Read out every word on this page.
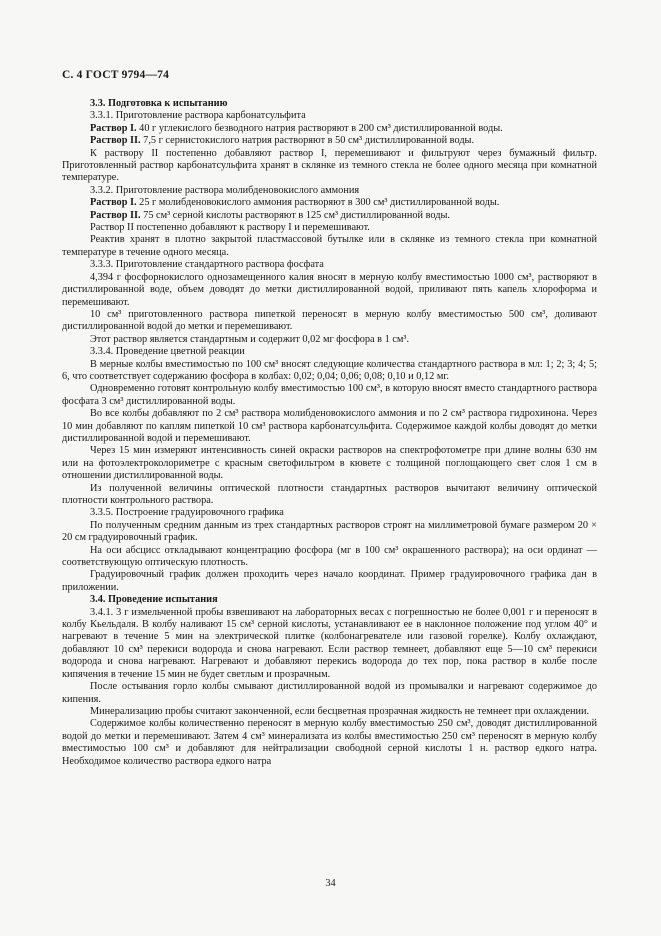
С. 4 ГОСТ 9794—74

3.3. Подготовка к испытанию

3.3.1. Приготовление раствора карбонатсульфита

Раствор I. 40 г углекислого безводного натрия растворяют в 200 см³ дистиллированной воды.

Раствор II. 7,5 г сернистокислого натрия растворяют в 50 см³ дистиллированной воды.

К раствору II постепенно добавляют раствор I, перемешивают и фильтруют через бумажный фильтр. Приготовленный раствор карбонатсульфита хранят в склянке из темного стекла не более одного месяца при комнатной температуре.

3.3.2. Приготовление раствора молибденовокислого аммония

Раствор I. 25 г молибденовокислого аммония растворяют в 300 см³ дистиллированной воды.

Раствор II. 75 см³ серной кислоты растворяют в 125 см³ дистиллированной воды.

Раствор II постепенно добавляют к раствору I и перемешивают.

Реактив хранят в плотно закрытой пластмассовой бутылке или в склянке из темного стекла при комнатной температуре в течение одного месяца.

3.3.3. Приготовление стандартного раствора фосфата

4,394 г фосфорнокислого однозамещенного калия вносят в мерную колбу вместимостью 1000 см³, растворяют в дистиллированной воде, объем доводят до метки дистиллированной водой, приливают пять капель хлороформа и перемешивают.

10 см³ приготовленного раствора пипеткой переносят в мерную колбу вместимостью 500 см³, доливают дистиллированной водой до метки и перемешивают.

Этот раствор является стандартным и содержит 0,02 мг фосфора в 1 см³.

3.3.4. Проведение цветной реакции

В мерные колбы вместимостью по 100 см³ вносят следующие количества стандартного раствора в мл: 1; 2; 3; 4; 5; 6, что соответствует содержанию фосфора в колбах: 0,02; 0,04; 0,06; 0,08; 0,10 и 0,12 мг.

Одновременно готовят контрольную колбу вместимостью 100 см³, в которую вносят вместо стандартного раствора фосфата 3 см³ дистиллированной воды.

Во все колбы добавляют по 2 см³ раствора молибденовокислого аммония и по 2 см³ раствора гидрохинона. Через 10 мин добавляют по каплям пипеткой 10 см³ раствора карбонатсульфита. Содержимое каждой колбы доводят до метки дистиллированной водой и перемешивают.

Через 15 мин измеряют интенсивность синей окраски растворов на спектрофотометре при длине волны 630 нм или на фотоэлектроколориметре с красным светофильтром в кювете с толщиной поглощающего свет слоя 1 см в отношении дистиллированной воды.

Из полученной величины оптической плотности стандартных растворов вычитают величину оптической плотности контрольного раствора.

3.3.5. Построение градуировочного графика

По полученным средним данным из трех стандартных растворов строят на миллиметровой бумаге размером 20 × 20 см градуировочный график.

На оси абсцисс откладывают концентрацию фосфора (мг в 100 см³ окрашенного раствора); на оси ординат — соответствующую оптическую плотность.

Градуировочный график должен проходить через начало координат. Пример градуировочного графика дан в приложении.

3.4. Проведение испытания

3.4.1. 3 г измельченной пробы взвешивают на лабораторных весах с погрешностью не более 0,001 г и переносят в колбу Кьельдаля. В колбу наливают 15 см³ серной кислоты, устанавливают ее в наклонное положение под углом 40° и нагревают в течение 5 мин на электрической плитке (колбонагревателе или газовой горелке). Колбу охлаждают, добавляют 10 см³ перекиси водорода и снова нагревают. Если раствор темнеет, добавляют еще 5—10 см³ перекиси водорода и снова нагревают. Нагревают и добавляют перекись водорода до тех пор, пока раствор в колбе после кипячения в течение 15 мин не будет светлым и прозрачным.

После остывания горло колбы смывают дистиллированной водой из промывалки и нагревают содержимое до кипения.

Минерализацию пробы считают законченной, если бесцветная прозрачная жидкость не темнеет при охлаждении.

Содержимое колбы количественно переносят в мерную колбу вместимостью 250 см³, доводят дистиллированной водой до метки и перемешивают. Затем 4 см³ минерализата из колбы вместимостью 250 см³ переносят в мерную колбу вместимостью 100 см³ и добавляют для нейтрализации свободной серной кислоты 1 н. раствор едкого натра. Необходимое количество раствора едкого натра

34
